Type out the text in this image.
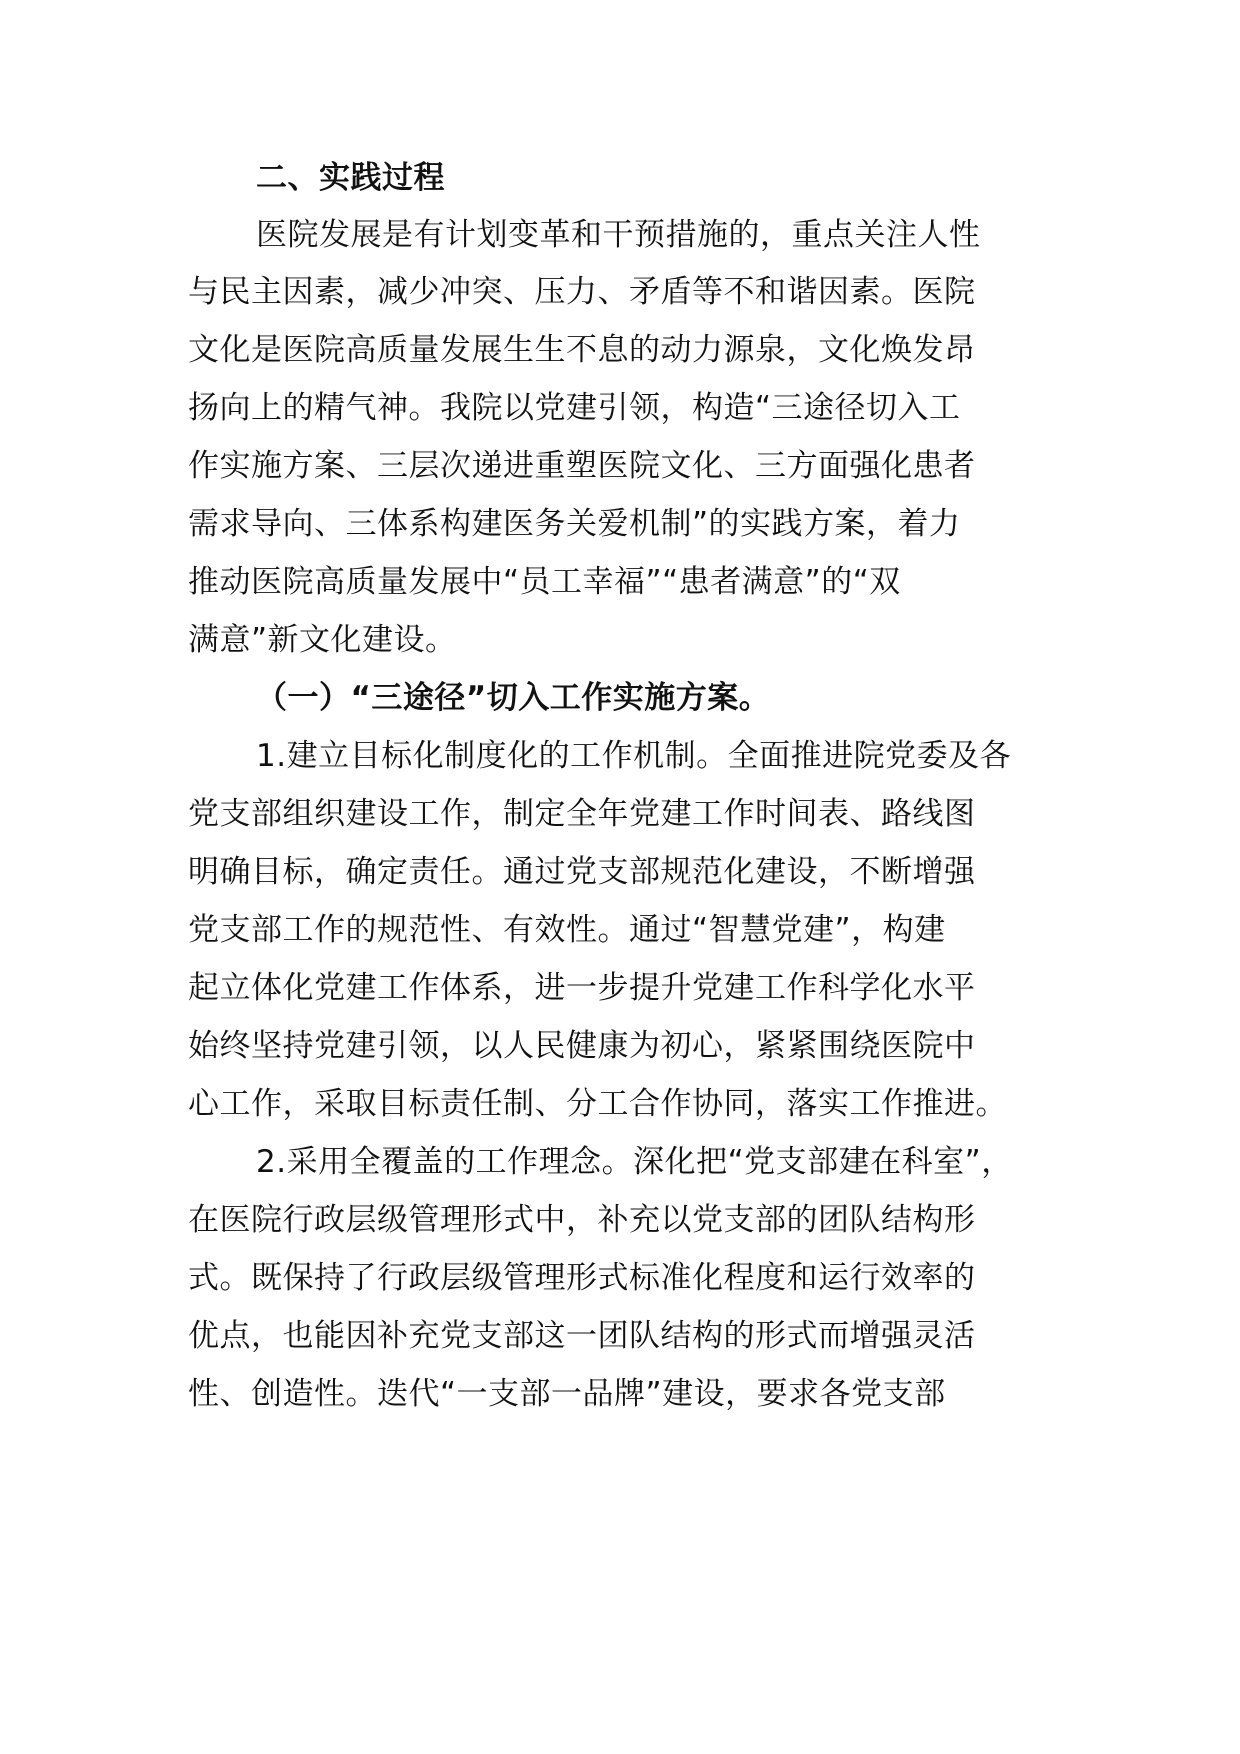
二、实践过程
医院发展是有计划变革和干预措施的，重点关注人性
与民主因素，减少冲突、压力、矛盾等不和谐因素。医院
文化是医院高质量发展生生不息的动力源泉，文化焕发昂
扬向上的精气神。我院以党建引领，构造“三途径切入工
作实施方案、三层次递进重塑医院文化、三方面强化患者
需求导向、三体系构建医务关爱机制”的实践方案，着力
推动医院高质量发展中“员工幸福”“患者满意”的“双
满意”新文化建设。
（一）“三途径”切入工作实施方案。
1.建立目标化制度化的工作机制。全面推进院党委及各
党支部组织建设工作，制定全年党建工作时间表、路线图
明确目标，确定责任。通过党支部规范化建设，不断增强
党支部工作的规范性、有效性。通过“智慧党建”，构建
起立体化党建工作体系，进一步提升党建工作科学化水平
始终坚持党建引领，以人民健康为初心，紧紧围绕医院中
心工作，采取目标责任制、分工合作协同，落实工作推进。
2.采用全覆盖的工作理念。深化把“党支部建在科室”，
在医院行政层级管理形式中，补充以党支部的团队结构形
式。既保持了行政层级管理形式标准化程度和运行效率的
优点，也能因补充党支部这一团队结构的形式而增强灵活
性、创造性。迭代“一支部一品牌”建设，要求各党支部
